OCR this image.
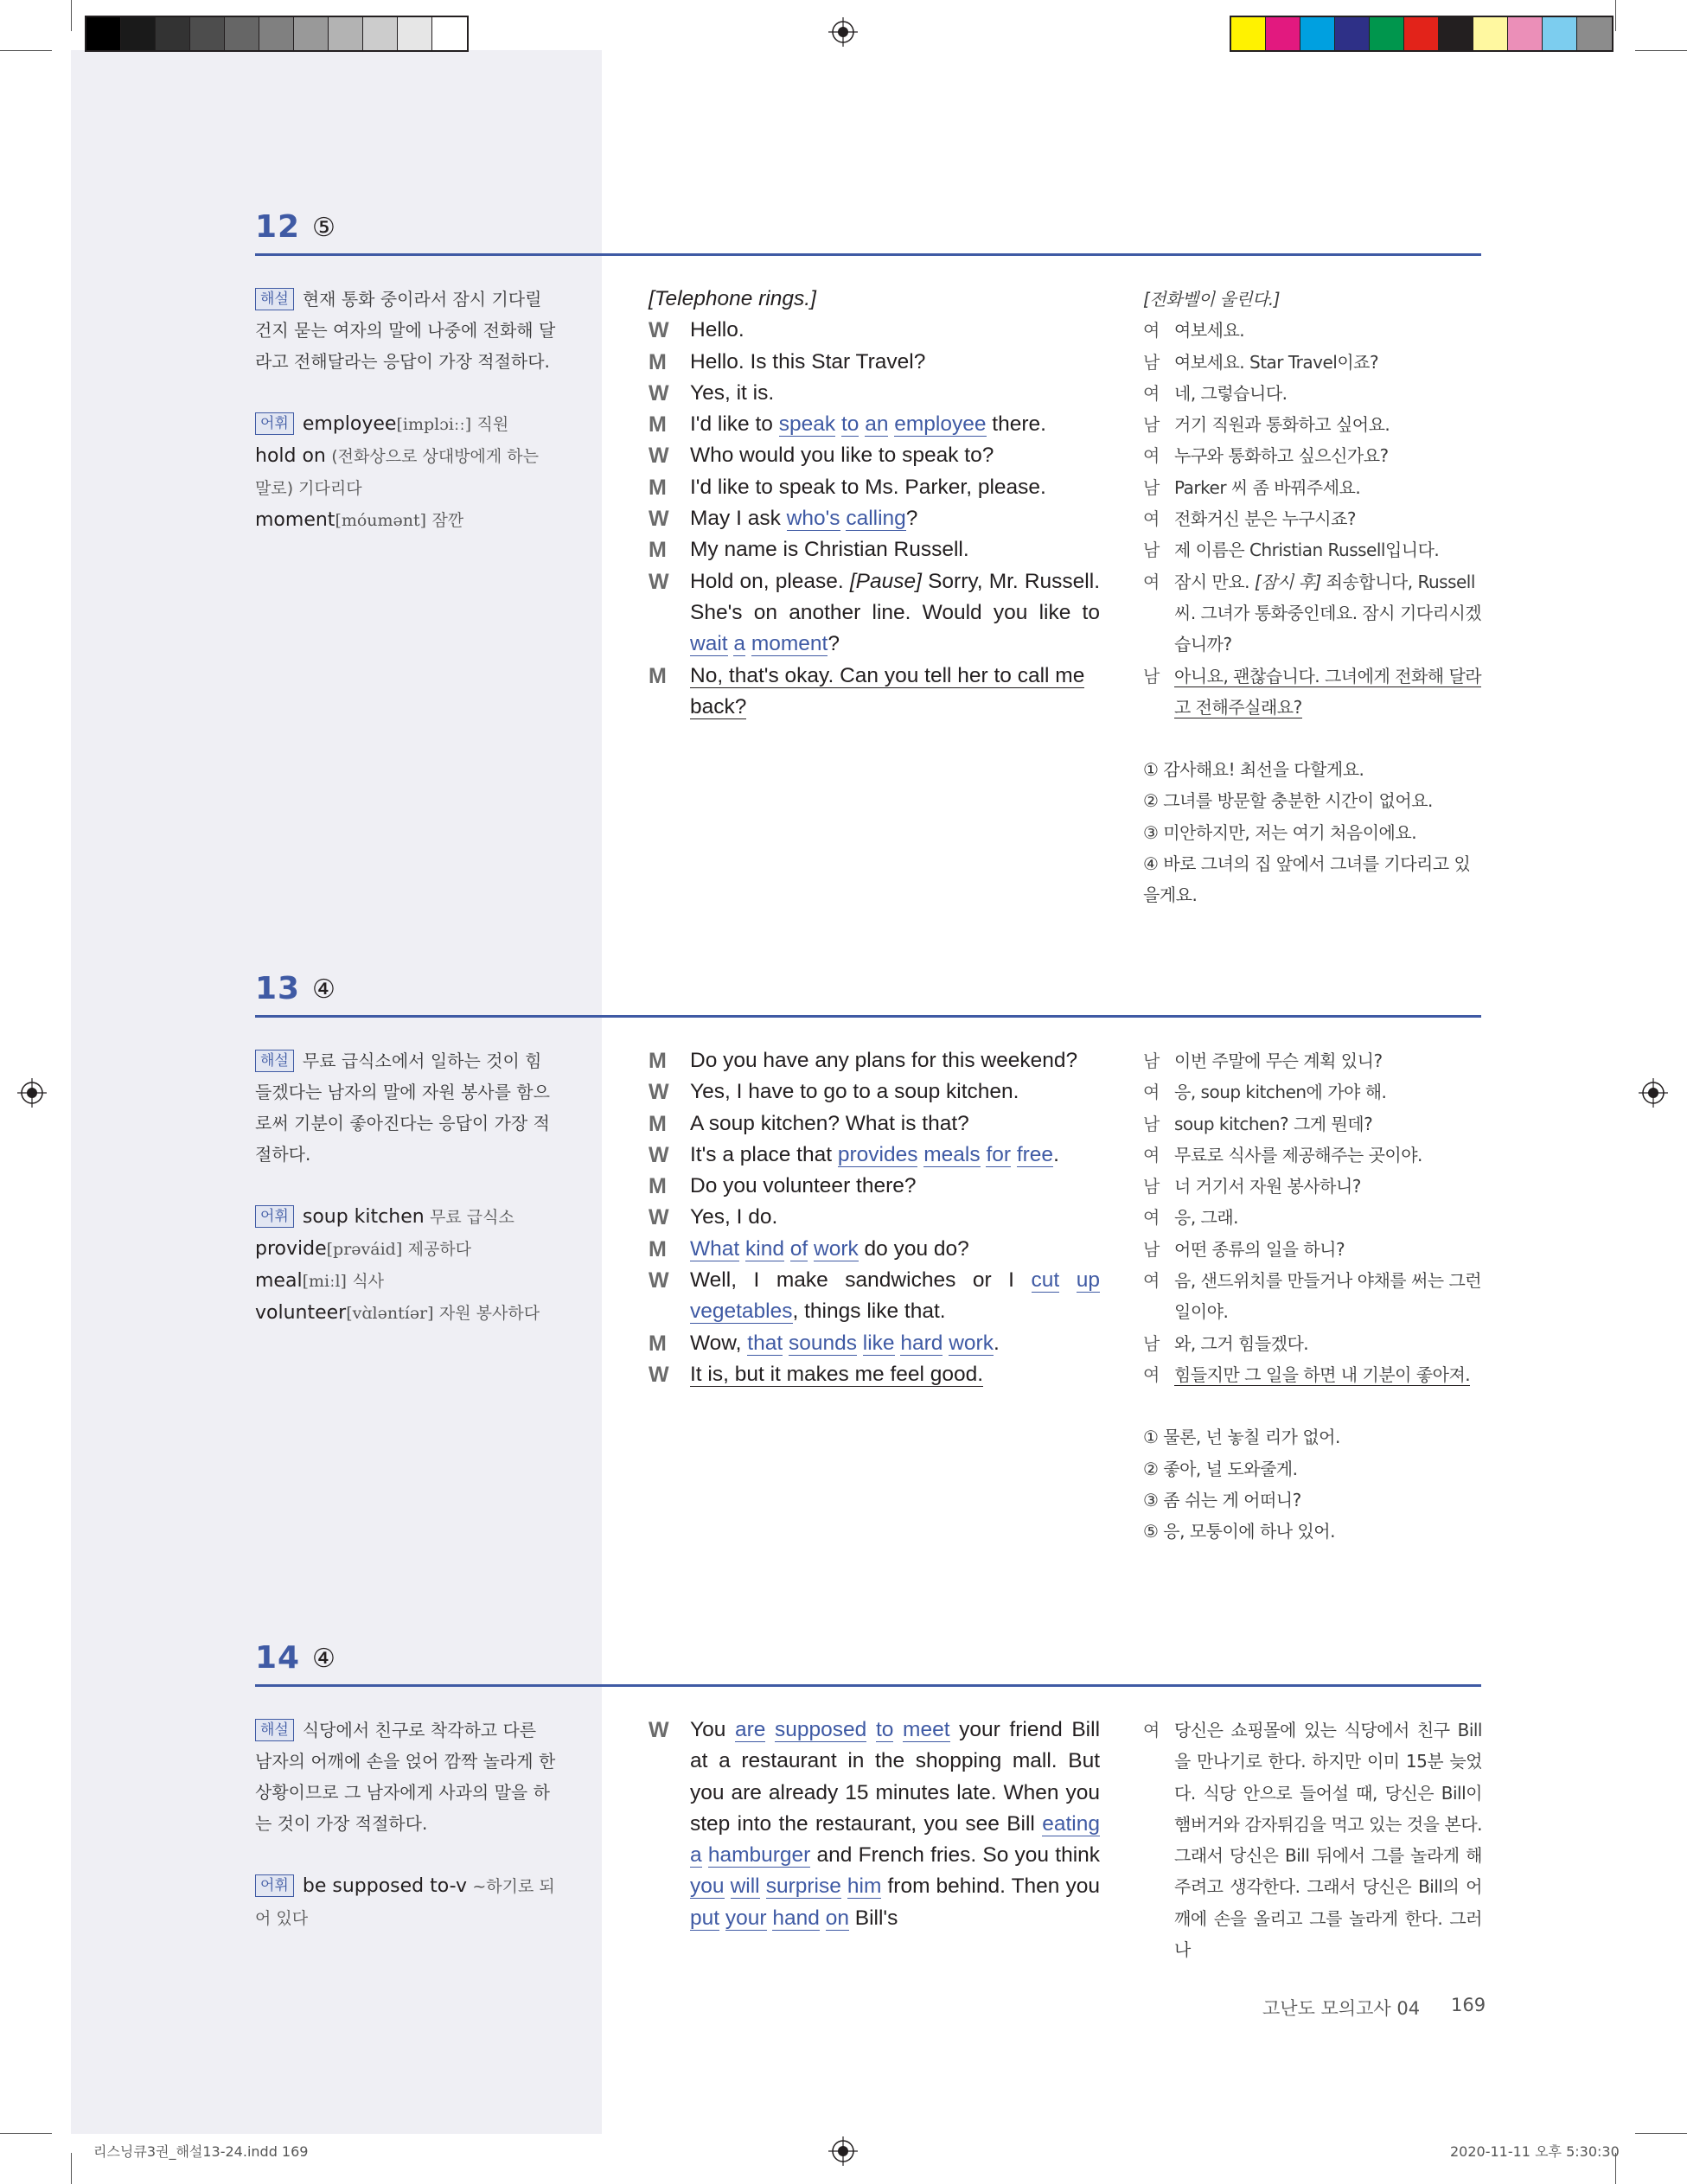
12 ⑤

해설 현재 통화 중이라서 잠시 기다릴 건지 묻는 여자의 말에 나중에 전화해 달라고 전해달라는 응답이 가장 적절하다.

어휘 employee[implɔiːː] 직원

hold on (전화상으로 상대방에게 하는 말로) 기다리다

moment[móumənt] 잠깐

[Telephone rings.]
W Hello.
M	Hello. Is this Star Travel?
W Yes, it is.
M	I'd like to speak to an employee there.
W Who would you like to speak to?
M	I'd like to speak to Ms. Parker, please.
W May I ask who's calling?
M	My name is Christian Russell.
W Hold on, please. [Pause] Sorry, Mr. Russell. She's on another line. Would you like to wait a moment?
M	No, that's okay. Can you tell her to call me back?
[전화벨이 울린다.]
여 여보세요.
남 여보세요. Star Travel이죠?
여 네, 그렇습니다.
남 거기 직원과 통화하고 싶어요.
여 누구와 통화하고 싶으신가요?
남 Parker 씨 좀 바꿔주세요.
여 전화거신 분은 누구시죠?
남 제 이름은 Christian Russell입니다.
여 잠시 만요. [잠시 후] 죄송합니다, Russell 씨. 그녀가 통화중인데요. 잠시 기다리시겠습니까?
남 아니요, 괜찮습니다. 그녀에게 전화해 달라고 전해주실래요?
① 감사해요! 최선을 다할게요.
② 그녀를 방문할 충분한 시간이 없어요.
③ 미안하지만, 저는 여기 처음이에요.
④ 바로 그녀의 집 앞에서 그녀를 기다리고 있을게요.
13 ④

해설 무료 급식소에서 일하는 것이 힘들겠다는 남자의 말에 자원 봉사를 함으로써 기분이 좋아진다는 응답이 가장 적절하다.

어휘 soup kitchen 무료 급식소

provide[prəváid] 제공하다

meal[miːl] 식사

volunteer[vɑ̀ləntíər] 자원 봉사하다

M	Do you have any plans for this weekend?
W Yes, I have to go to a soup kitchen.
M	A soup kitchen? What is that?
W It's a place that provides meals for free.
M	Do you volunteer there?
W Yes, I do.
M	What kind of work do you do?
W Well, I make sandwiches or I cut up vegetables, things like that.
M	Wow, that sounds like hard work.
W It is, but it makes me feel good.
남 이번 주말에 무슨 계획 있니?
여 응, soup kitchen에 가야 해.
남 soup kitchen? 그게 뭔데?
여 무료로 식사를 제공해주는 곳이야.
남 너 거기서 자원 봉사하니?
여 응, 그래.
남 어떤 종류의 일을 하니?
여 음, 샌드위치를 만들거나 야채를 써는 그런 일이야.
남 와, 그거 힘들겠다.
여 힘들지만 그 일을 하면 내 기분이 좋아져.
① 물론, 넌 놓칠 리가 없어.
② 좋아, 널 도와줄게.
③ 좀 쉬는 게 어떠니?
⑤ 응, 모퉁이에 하나 있어.
14 ④

해설 식당에서 친구로 착각하고 다른 남자의 어깨에 손을 얹어 깜짝 놀라게 한 상황이므로 그 남자에게 사과의 말을 하는 것이 가장 적절하다.

어휘 be supposed to-v ~하기로 되어 있다

W You are supposed to meet your friend Bill at a restaurant in the shopping mall. But you are already 15 minutes late. When you step into the restaurant, you see Bill eating a hamburger and French fries. So you think you will surprise him from behind. Then you put your hand on Bill's
여 당신은 쇼핑몰에 있는 식당에서 친구 Bill을 만나기로 한다. 하지만 이미 15분 늦었다. 식당 안으로 들어설 때, 당신은 Bill이 햄버거와 감자튀김을 먹고 있는 것을 본다. 그래서 당신은 Bill 뒤에서 그를 놀라게 해주려고 생각한다. 그래서 당신은 Bill의 어깨에 손을 올리고 그를 놀라게 한다. 그러나
고난도 모의고사 04 169
리스닝큐3권_해설13-24.indd 169	2020-11-11 오후 5:30:30
